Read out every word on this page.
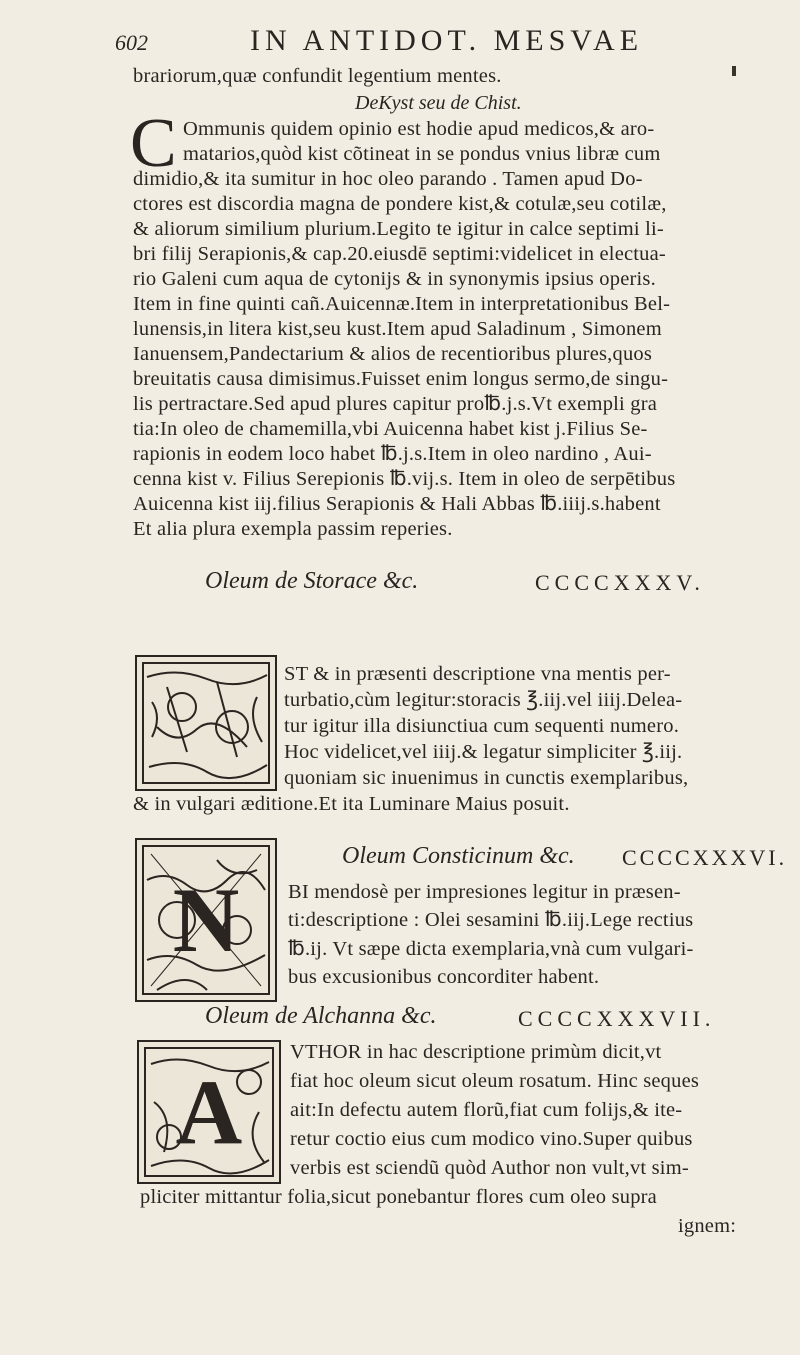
602	IN ANTIDOT. MESVAE
brariorum,quæ confundit legentium mentes.
DeKyst seu de Chist.
C Ommunis quidem opinio est hodie apud medicos,& aro-
matarios,quòd kist cõtineat in se pondus vnius libræ cum
dimidio,& ita sumitur in hoc oleo parando . Tamen apud Do-
ctores est discordia magna de pondere kist,& cotulæ,seu cotilæ,
& aliorum similium plurium.Legito te igitur in calce septimi li-
bri filij Serapionis,& cap.20.eiusdē septimi:videlicet in electua-
rio Galeni cum aqua de cytonijs & in synonymis ipsius operis.
Item in fine quinti cañ.Auicennæ.Item in interpretationibus Bel-
lunensis,in litera kist,seu kust.Item apud Saladinum , Simonem
Ianuensem,Pandectarium & alios de recentioribus plures,quos
breuitatis causa dimisimus.Fuisset enim longus sermo,de singu-
lis pertractare.Sed apud plures capitur pro℔.j.s.Vt exempli gra
tia:In oleo de chamemilla,vbi Auicenna habet kist j.Filius Se-
rapionis in eodem loco habet ℔.j.s.Item in oleo nardino , Aui-
cenna kist v. Filius Serepionis ℔.vij.s. Item in oleo de serpētibus
Auicenna kist iij.filius Serapionis & Hali Abbas ℔.iiij.s.habent
Et alia plura exempla passim reperies.
Oleum de Storace &c.	CCCCXXXV.
ST & in præsenti descriptione vna mentis per-
turbatio,cùm legitur:storacis ℥.iij.vel iiij.Delea-
tur igitur illa disiunctiua cum sequenti numero.
Hoc videlicet,vel iiij.& legatur simpliciter ℥.iij.
quoniam sic inuenimus in cunctis exemplaribus,
& in vulgari æditione.Et ita Luminare Maius posuit.
Oleum Consticinum &c. CCCCXXXVI.
N BI mendosè per impresiones legitur in præsen-
ti:descriptione : Olei sesamini ℔.iij.Lege rectius
℔.ij. Vt sæpe dicta exemplaria,vnà cum vulgari-
bus excusionibus concorditer habent.
Oleum de Alchanna &c.	CCCCXXXVII.
A
VTHOR in hac descriptione primùm dicit,vt
fiat hoc oleum sicut oleum rosatum. Hinc seques
ait:In defectu autem florũ,fiat cum folijs,& ite-
retur coctio eius cum modico vino.Super quibus
verbis est sciendũ quòd Author non vult,vt sim-
pliciter mittantur folia,sicut ponebantur flores cum oleo supra
ignem:
